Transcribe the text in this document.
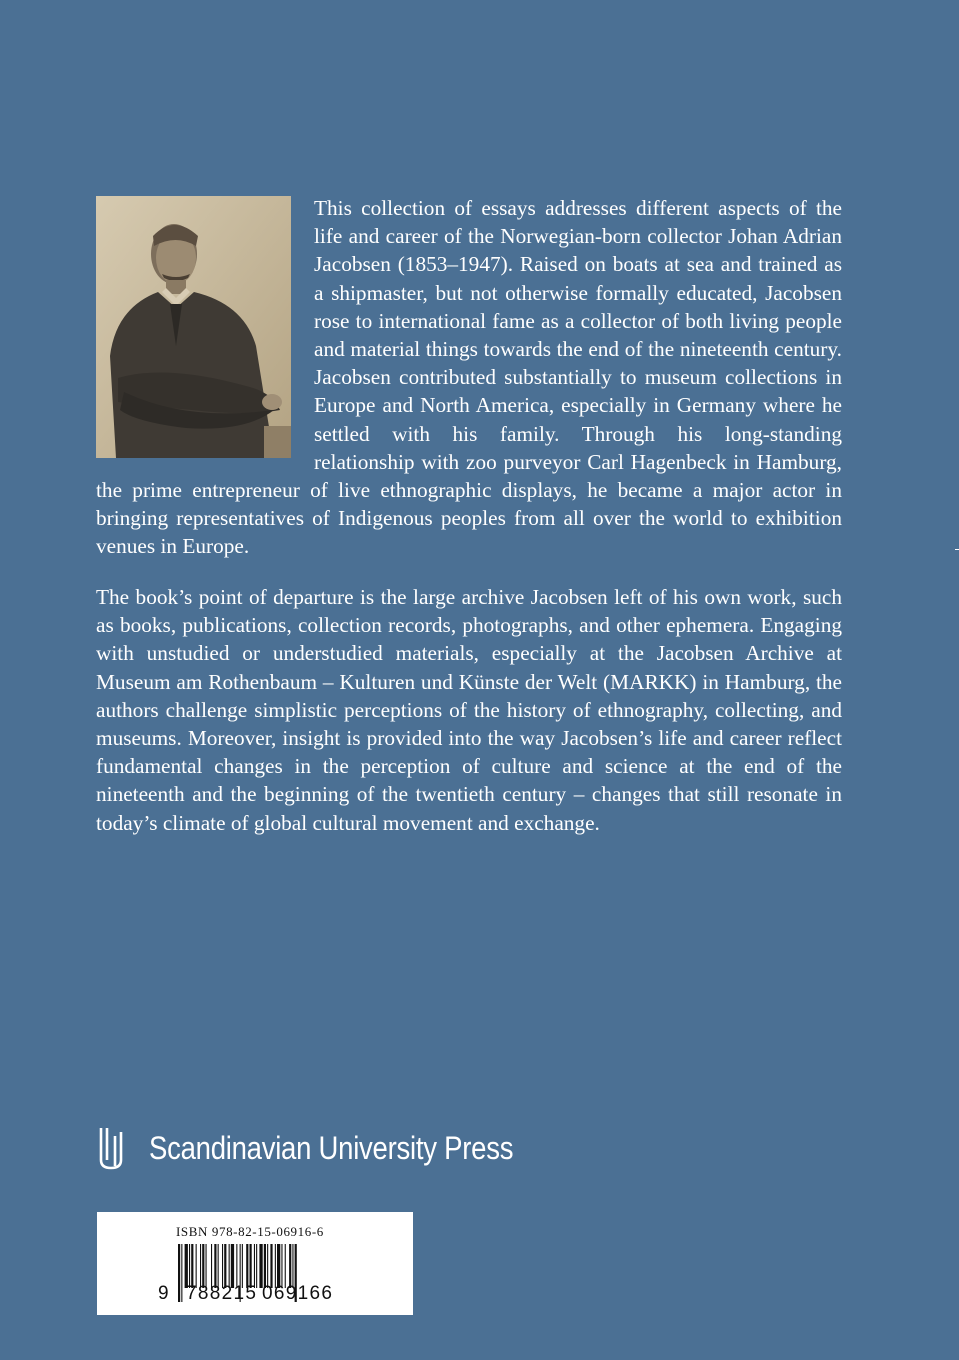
This collection of essays addresses different aspects of the life and career of the Norwegian-born collector Johan Adrian Jacobsen (1853–1947). Raised on boats at sea and trained as a shipmaster, but not otherwise formally educated, Jacobsen rose to international fame as a collector of both living people and material things towards the end of the nineteenth century. Jacobsen contributed substantially to museum collections in Europe and North America, especially in Germany where he settled with his family. Through his long-standing relationship with zoo purveyor Carl Hagenbeck in Hamburg, the prime entrepreneur of live ethnographic displays, he became a major actor in bringing representatives of Indigenous peoples from all over the world to exhibition venues in Europe.

The book’s point of departure is the large archive Jacobsen left of his own work, such as books, publications, collection records, photographs, and other ephemera. Engaging with unstudied or understudied materials, especially at the Jacobsen Archive at Museum am Rothenbaum – Kulturen und Künste der Welt (MARKK) in Hamburg, the authors challenge simplistic perceptions of the history of ethnography, collecting, and museums. Moreover, insight is provided into the way Jacobsen’s life and career reflect fundamental changes in the perception of culture and science at the end of the nineteenth and the beginning of the twentieth century – changes that still resonate in today’s climate of global cultural movement and exchange.

Scandinavian University Press
ISBN 978-82-15-06916-6
9 788215 069166
